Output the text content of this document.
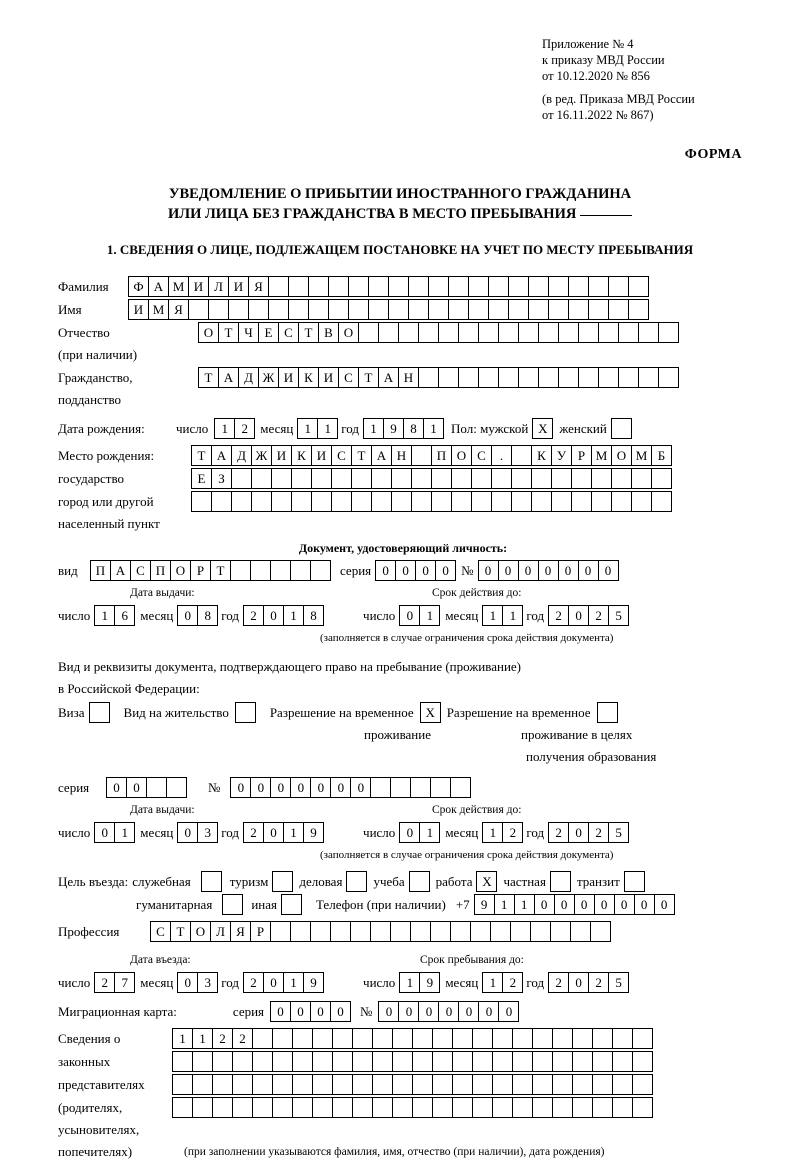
Приложение № 4
к приказу МВД России
от 10.12.2020 № 856
(в ред. Приказа МВД России
от 16.11.2022 № 867)
ФОРМА
УВЕДОМЛЕНИЕ О ПРИБЫТИИ ИНОСТРАННОГО ГРАЖДАНИНА
ИЛИ ЛИЦА БЕЗ ГРАЖДАНСТВА В МЕСТО ПРЕБЫВАНИЯ
1. СВЕДЕНИЯ О ЛИЦЕ, ПОДЛЕЖАЩЕМ ПОСТАНОВКЕ НА УЧЕТ ПО МЕСТУ ПРЕБЫВАНИЯ
Фамилия	Ф А М И Л И Я
Имя	И М Я
Отчество	О Т Ч Е С Т В О
(при наличии)
Гражданство,	Т А Д Ж И К И С Т А Н
подданство
Дата рождения:	число	1	2 месяц 1	1 год 1	9	8	1	Пол: мужской X женский
Место рождения:	Т А Д Ж И К И С Т А Н	П О С	.	К У Р М О М Б
государство	Е З
город или другой
населенный пункт
Документ, удостоверяющий личность:
вид	П А С П О Р Т	серия 0	0	0	0 № 0	0	0	0	0	0	0
Дата выдачи:	Срок действия до:
число 1	6 месяц 0	8 год 2	0	1	8	число 0	1 месяц 1	1 год 2	0	2	5
(заполняется в случае ограничения срока действия документа)
Вид и реквизиты документа, подтверждающего право на пребывание (проживание)
в Российской Федерации:
Виза	Вид на жительство	Разрешение на временное X Разрешение на временное
проживание	проживание в целях
получения образования
серия	0	0	№	0	0	0	0	0	0	0
Дата выдачи:	Срок действия до:
число 0	1 месяц 0	3 год 2	0	1	9	число 0	1 месяц 1	2 год 2	0	2	5
(заполняется в случае ограничения срока действия документа)
Цель въезда: служебная	туризм деловая учеба работа X частная транзит
гуманитарная	иная	Телефон (при наличии) +7 9	1	1	0	0	0	0	0	0	0
Профессия	С Т О Л Я Р
Дата въезда:	Срок пребывания до:
число 2	7 месяц 0	3 год 2	0	1	9	число 1	9 месяц 1	2 год 2	0	2	5
Миграционная карта:	серия	0	0	0	0	№	0	0	0	0	0	0	0
Сведения о	1	1	2	2
законных
представителях
(родителях,
усыновителях,
попечителях)	(при заполнении указываются фамилия, имя, отчество (при наличии), дата рождения)
